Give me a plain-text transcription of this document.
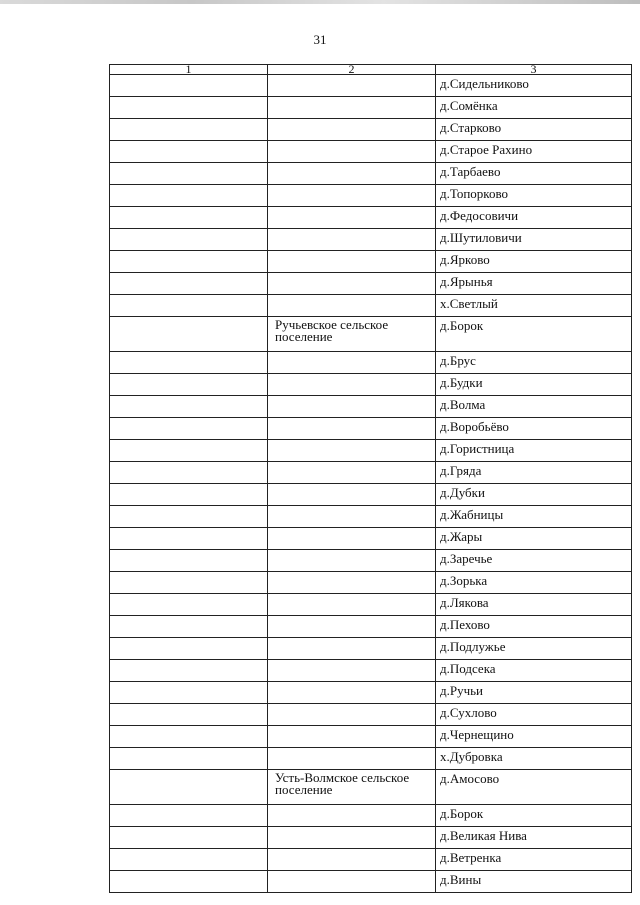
31
1	2	3
		д.Сидельниково
		д.Сомёнка
		д.Старково
		д.Старое Рахино
		д.Тарбаево
		д.Топорково
		д.Федосовичи
		д.Шутиловичи
		д.Ярково
		д.Ярынья
		х.Светлый

	Ручьевское сельское поселение	д.Борок
		д.Брус
		д.Будки
		д.Волма
		д.Воробьёво
		д.Гористница
		д.Гряда
		д.Дубки
		д.Жабницы
		д.Жары
		д.Заречье
		д.Зорька
		д.Лякова
		д.Пехово
		д.Подлужье
		д.Подсека
		д.Ручьи
		д.Сухлово
		д.Чернещино
		х.Дубровка

	Усть-Волмское сельское поселение	д.Амосово
		д.Борок
		д.Великая Нива
		д.Ветренка
		д.Вины
